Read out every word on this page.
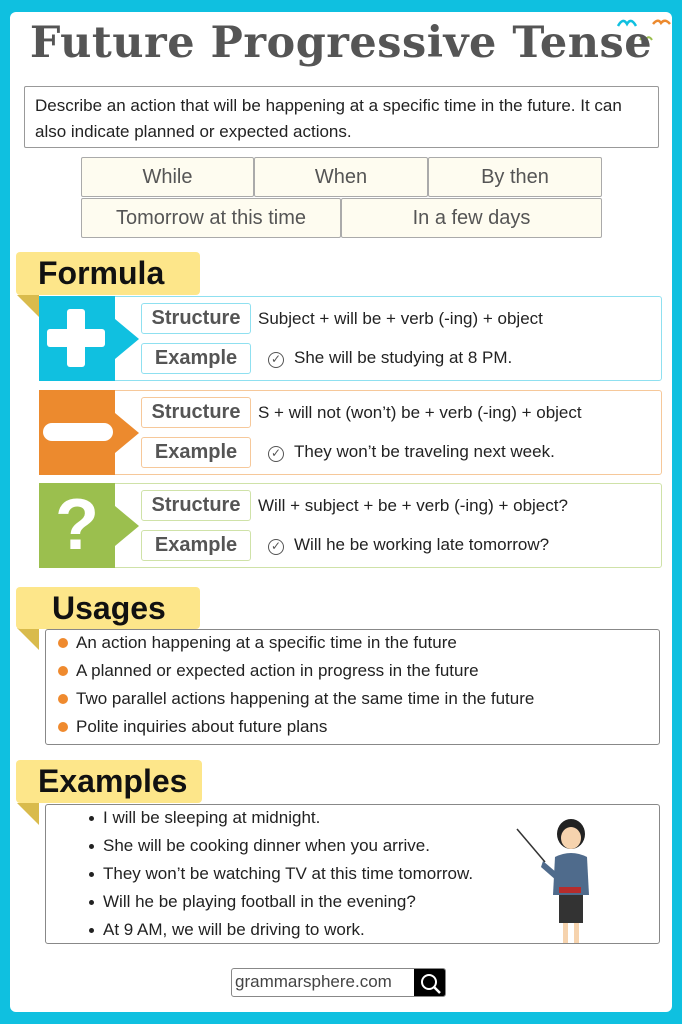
Future Progressive Tense
Describe an action that will be happening at a specific time in the future. It can also indicate planned or expected actions.
While	When	By then
Tomorrow at this time	In a few days
Formula
Structure	Subject + will be + verb (-ing) + object
Example	✓ She will be studying at 8 PM.
Structure	S + will not (won’t) be + verb (-ing) + object
Example	✓ They won’t be traveling next week.
?	Structure	Will + subject + be + verb (-ing) + object?
Example	✓ Will he be working late tomorrow?
Usages
An action happening at a specific time in the future
A planned or expected action in progress in the future
Two parallel actions happening at the same time in the future
Polite inquiries about future plans
Examples
I will be sleeping at midnight.
She will be cooking dinner when you arrive.
They won’t be watching TV at this time tomorrow.
Will he be playing football in the evening?
At 9 AM, we will be driving to work.
grammarsphere.com
